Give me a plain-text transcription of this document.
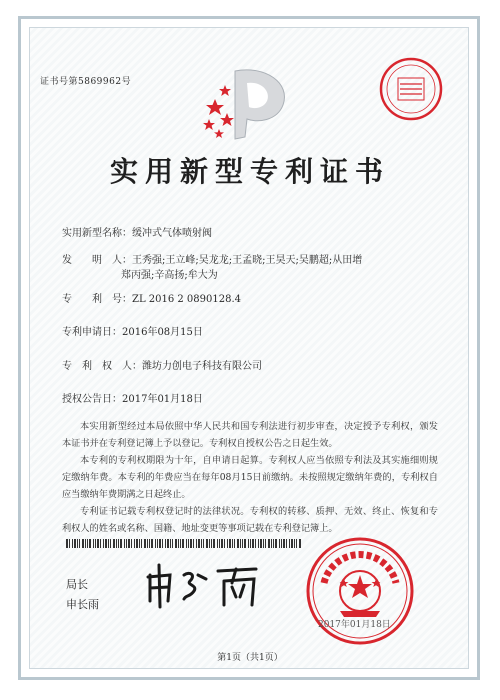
证书号第5869962号
实用新型专利证书
实用新型名称：缓冲式气体喷射阀
发　　明　人：王秀强;王立峰;吴龙龙;王孟晓;王昊天;吴鹏超;从田增
郑丙强;辛高扬;牟大为
专　　利　号：ZL 2016 2 0890128.4
专利申请日：2016年08月15日
专　利　权　人：潍坊力创电子科技有限公司
授权公告日：2017年01月18日

本实用新型经过本局依照中华人民共和国专利法进行初步审查，决定授予专利权，颁发本证书并在专利登记簿上予以登记。专利权自授权公告之日起生效。

本专利的专利权期限为十年，自申请日起算。专利权人应当依照专利法及其实施细则规定缴纳年费。本专利的年费应当在每年08月15日前缴纳。未按照规定缴纳年费的，专利权自应当缴纳年费期满之日起终止。

专利证书记载专利权登记时的法律状况。专利权的转移、质押、无效、终止、恢复和专利权人的姓名或名称、国籍、地址变更等事项记载在专利登记簿上。

局长
申长雨
2017年01月18日
第1页（共1页）
